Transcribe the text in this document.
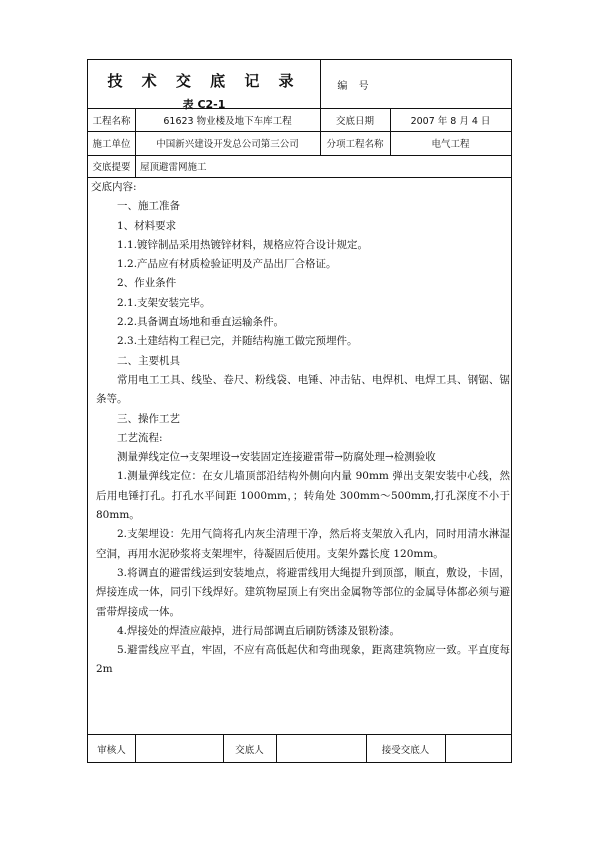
技 术 交 底 记 录
表 C2-1
编 号
工程名称	61623 物业楼及地下车库工程	交底日期	2007 年 8 月 4 日
施工单位	中国新兴建设开发总公司第三公司	分项工程名称	电气工程
交底提要	屋顶避雷网施工
交底内容:

一、施工准备

1、材料要求

1.1.镀锌制品采用热镀锌材料，规格应符合设计规定。

1.2.产品应有材质检验证明及产品出厂合格证。

2、作业条件

2.1.支架安装完毕。

2.2.具备调直场地和垂直运输条件。

2.3.土建结构工程已完，并随结构施工做完预埋件。

二、主要机具

常用电工工具、线坠、卷尺、粉线袋、电锤、冲击钻、电焊机、电焊工具、钢锯、锯条等。

三、操作工艺

工艺流程:

测量弹线定位→支架埋设→安装固定连接避雷带→防腐处理→检测验收

1.测量弹线定位：在女儿墙顶部沿结构外侧向内量 90mm 弹出支架安装中心线，然后用电锤打孔。打孔水平间距 1000mm，；转角处 300mm～500mm,打孔深度不小于 80mm。

2.支架埋设：先用气筒将孔内灰尘清理干净，然后将支架放入孔内，同时用清水淋湿空洞，再用水泥砂浆将支架埋牢，待凝固后使用。支架外露长度 120mm。

3.将调直的避雷线运到安装地点，将避雷线用大绳提升到顶部，顺直，敷设，卡固，焊接连成一体，同引下线焊好。建筑物屋顶上有突出金属物等部位的金属导体都必须与避雷带焊接成一体。

4.焊接处的焊渣应敲掉，进行局部调直后刷防锈漆及银粉漆。

5.避雷线应平直，牢固，不应有高低起伏和弯曲现象，距离建筑物应一致。平直度每2m

审核人	交底人	接受交底人
